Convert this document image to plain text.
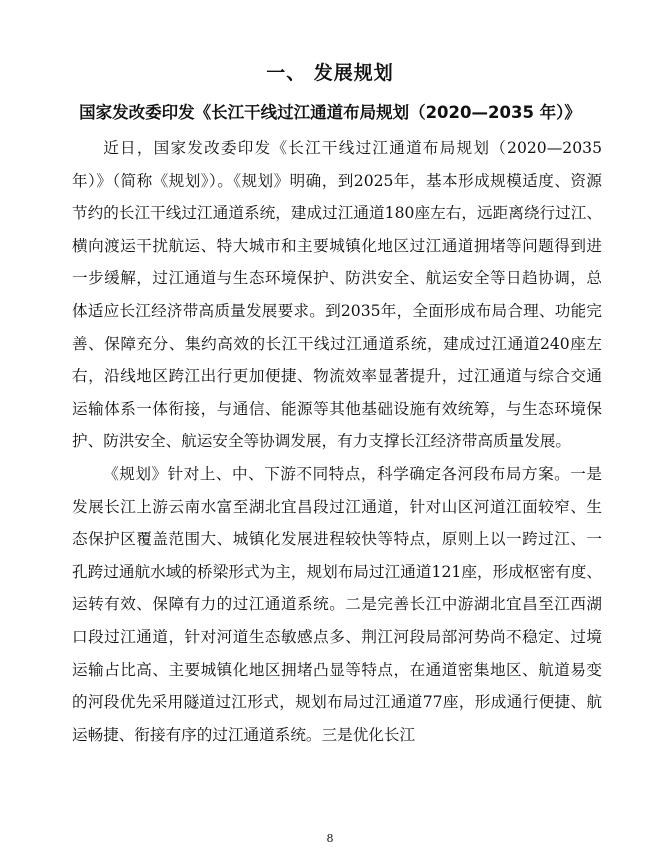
一、 发展规划
国家发改委印发《长江干线过江通道布局规划（2020—2035 年）》

近日，国家发改委印发《长江干线过江通道布局规划（2020—2035年）》（简称《规划》）。《规划》明确，到2025年，基本形成规模适度、资源节约的长江干线过江通道系统，建成过江通道180座左右，远距离绕行过江、横向渡运干扰航运、特大城市和主要城镇化地区过江通道拥堵等问题得到进一步缓解，过江通道与生态环境保护、防洪安全、航运安全等日趋协调，总体适应长江经济带高质量发展要求。到2035年，全面形成布局合理、功能完善、保障充分、集约高效的长江干线过江通道系统，建成过江通道240座左右，沿线地区跨江出行更加便捷、物流效率显著提升，过江通道与综合交通运输体系一体衔接，与通信、能源等其他基础设施有效统筹，与生态环境保护、防洪安全、航运安全等协调发展，有力支撑长江经济带高质量发展。

《规划》针对上、中、下游不同特点，科学确定各河段布局方案。一是发展长江上游云南水富至湖北宜昌段过江通道，针对山区河道江面较窄、生态保护区覆盖范围大、城镇化发展进程较快等特点，原则上以一跨过江、一孔跨过通航水域的桥梁形式为主，规划布局过江通道121座，形成枢密有度、运转有效、保障有力的过江通道系统。二是完善长江中游湖北宜昌至江西湖口段过江通道，针对河道生态敏感点多、荆江河段局部河势尚不稳定、过境运输占比高、主要城镇化地区拥堵凸显等特点，在通道密集地区、航道易变的河段优先采用隧道过江形式，规划布局过江通道77座，形成通行便捷、航运畅捷、衔接有序的过江通道系统。三是优化长江

8
